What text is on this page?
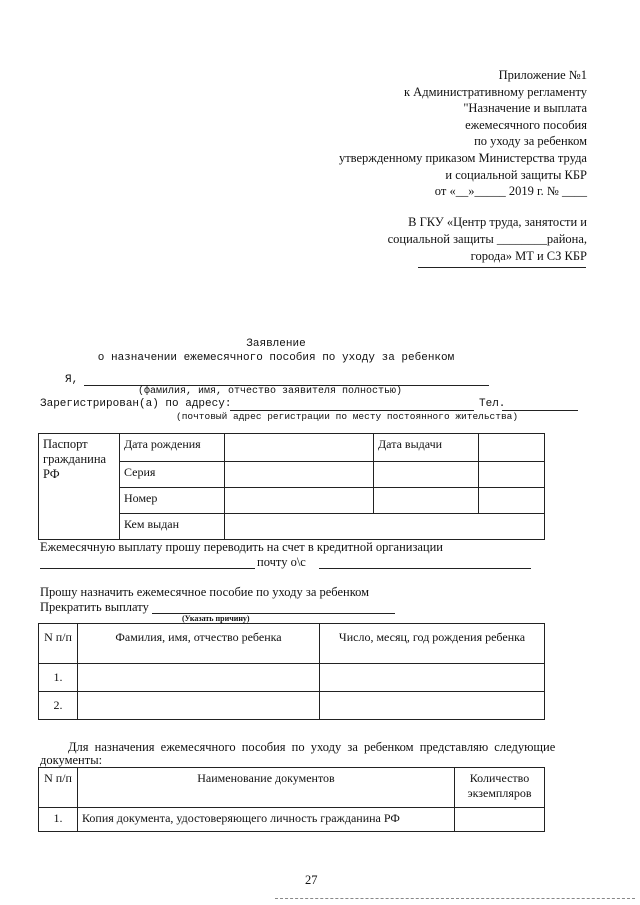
Приложение №1
к Административному регламенту
"Назначение и выплата
ежемесячного пособия
по уходу за ребенком
утвержденному приказом Министерства труда
и социальной защиты КБР
от «__»_____ 2019 г. № ____
В ГКУ «Центр труда, занятости и
социальной защиты ________района,
города» МТ и СЗ КБР
Заявление
о назначении ежемесячного пособия по уходу за ребенком
Я,
(фамилия, имя, отчество заявителя полностью)
Зарегистрирован(а) по адресу:	Тел.
(почтовый адрес регистрации по месту постоянного жительства)
Паспорт гражданина РФ	Дата рождения		Дата выдачи	
	Серия			
	Номер			
	Кем выдан			
Ежемесячную выплату прошу переводить на счет в кредитной организации
почту о\с
Прошу назначить ежемесячное пособие по уходу за ребенком
Прекратить выплату
(Указать причину)
N п/п	Фамилия, имя, отчество ребенка	Число, месяц, год рождения ребенка
1.		
2.		
Для назначения ежемесячного пособия по уходу за ребенком представляю следующие
документы:
N п/п	Наименование документов	Количество экземпляров
1.	Копия документа, удостоверяющего личность гражданина РФ	
27
